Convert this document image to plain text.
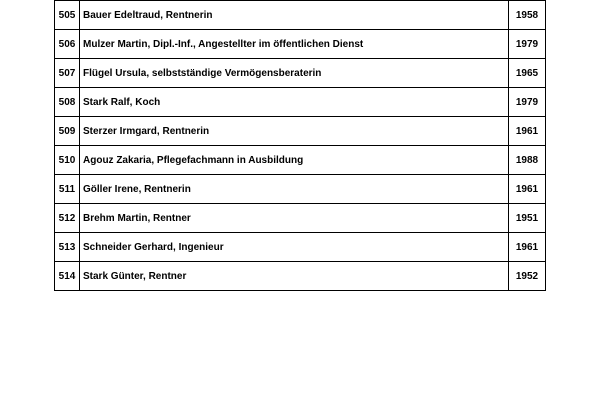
505	Bauer Edeltraud, Rentnerin	1958
506	Mulzer Martin, Dipl.-Inf., Angestellter im öffentlichen Dienst	1979
507	Flügel Ursula, selbstständige Vermögensberaterin	1965
508	Stark Ralf, Koch	1979
509	Sterzer Irmgard, Rentnerin	1961
510	Agouz Zakaria, Pflegefachmann in Ausbildung	1988
511	Göller Irene, Rentnerin	1961
512	Brehm Martin, Rentner	1951
513	Schneider Gerhard, Ingenieur	1961
514	Stark Günter, Rentner	1952
